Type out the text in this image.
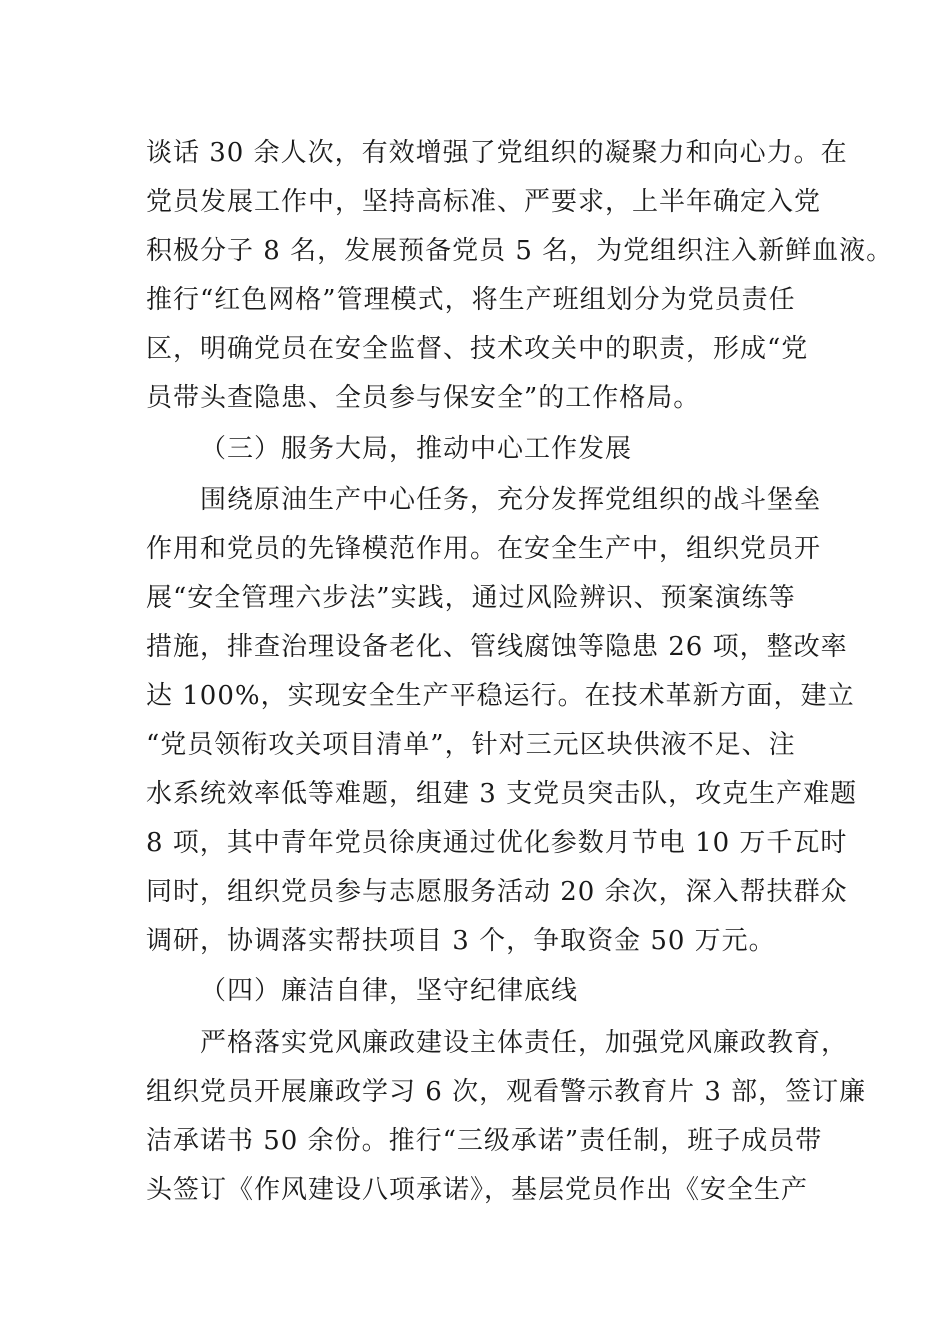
谈话 30 余人次，有效增强了党组织的凝聚力和向心力。在
党员发展工作中，坚持高标准、严要求，上半年确定入党
积极分子 8 名，发展预备党员 5 名，为党组织注入新鲜血液。
推行“红色网格”管理模式，将生产班组划分为党员责任
区，明确党员在安全监督、技术攻关中的职责，形成“党
员带头查隐患、全员参与保安全”的工作格局。
（三）服务大局，推动中心工作发展
围绕原油生产中心任务，充分发挥党组织的战斗堡垒
作用和党员的先锋模范作用。在安全生产中，组织党员开
展“安全管理六步法”实践，通过风险辨识、预案演练等
措施，排查治理设备老化、管线腐蚀等隐患 26 项，整改率
达 100%，实现安全生产平稳运行。在技术革新方面，建立
“党员领衔攻关项目清单”，针对三元区块供液不足、注
水系统效率低等难题，组建 3 支党员突击队，攻克生产难题
8 项，其中青年党员徐庚通过优化参数月节电 10 万千瓦时
同时，组织党员参与志愿服务活动 20 余次，深入帮扶群众
调研，协调落实帮扶项目 3 个，争取资金 50 万元。
（四）廉洁自律，坚守纪律底线
严格落实党风廉政建设主体责任，加强党风廉政教育，
组织党员开展廉政学习 6 次，观看警示教育片 3 部，签订廉
洁承诺书 50 余份。推行“三级承诺”责任制，班子成员带
头签订《作风建设八项承诺》，基层党员作出《安全生产
